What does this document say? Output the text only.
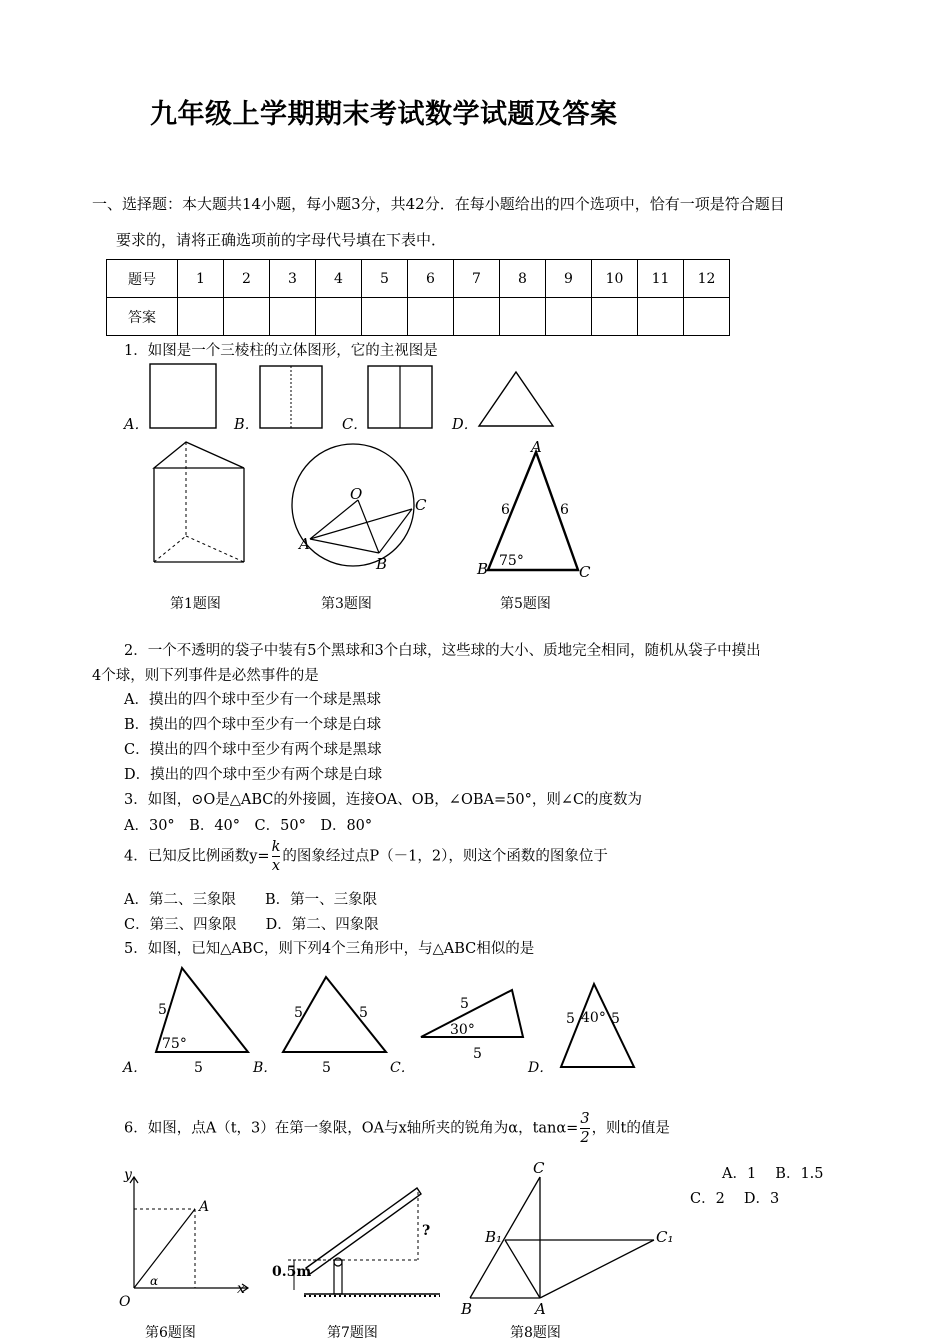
九年级上学期期末考试数学试题及答案
一、选择题：本大题共14小题，每小题3分，共42分．在每小题给出的四个选项中，恰有一项是符合题目
要求的，请将正确选项前的字母代号填在下表中．
题号	1	2	3	4	5	6	7	8	9	10	11	12
答案												
1．如图是一个三棱柱的立体图形，它的主视图是
A．	B．	C．	D．
O
A
B
C
A
B	C
6	6
75°
第1题图	第3题图	第5题图
2．一个不透明的袋子中装有5个黑球和3个白球，这些球的大小、质地完全相同，随机从袋子中摸出
4个球，则下列事件是必然事件的是
A．摸出的四个球中至少有一个球是黑球
B．摸出的四个球中至少有一个球是白球
C．摸出的四个球中至少有两个球是黑球
D．摸出的四个球中至少有两个球是白球
3．如图，⊙O是△ABC的外接圆，连接OA、OB，∠OBA=50°，则∠C的度数为
A．30°　B．40°　C．50°　D．80°
4．已知反比例函数$y= \frac{k}{x}$ 的图象经过点P（－1，2），则这个函数的图象位于
A．第二、三象限　　B．第一、三象限
C．第三、四象限　　D．第二、四象限
5．如图，已知△ABC，则下列4个三角形中，与△ABC相似的是
A．
5
5
75°
B．
5	5
5	C．
5
5
30°
D．
5	5
40°
6．如图，点A（t，3）在第一象限，OA与x轴所夹的锐角为α，$\tan\alpha= \frac{3}{2}$ ，则t的值是
A．1　 B．1.5
C．2　 D．3
y
x
O
A
α
0.5m
?
C
B₁	C₁
B	A
第6题图	第7题图	第8题图
